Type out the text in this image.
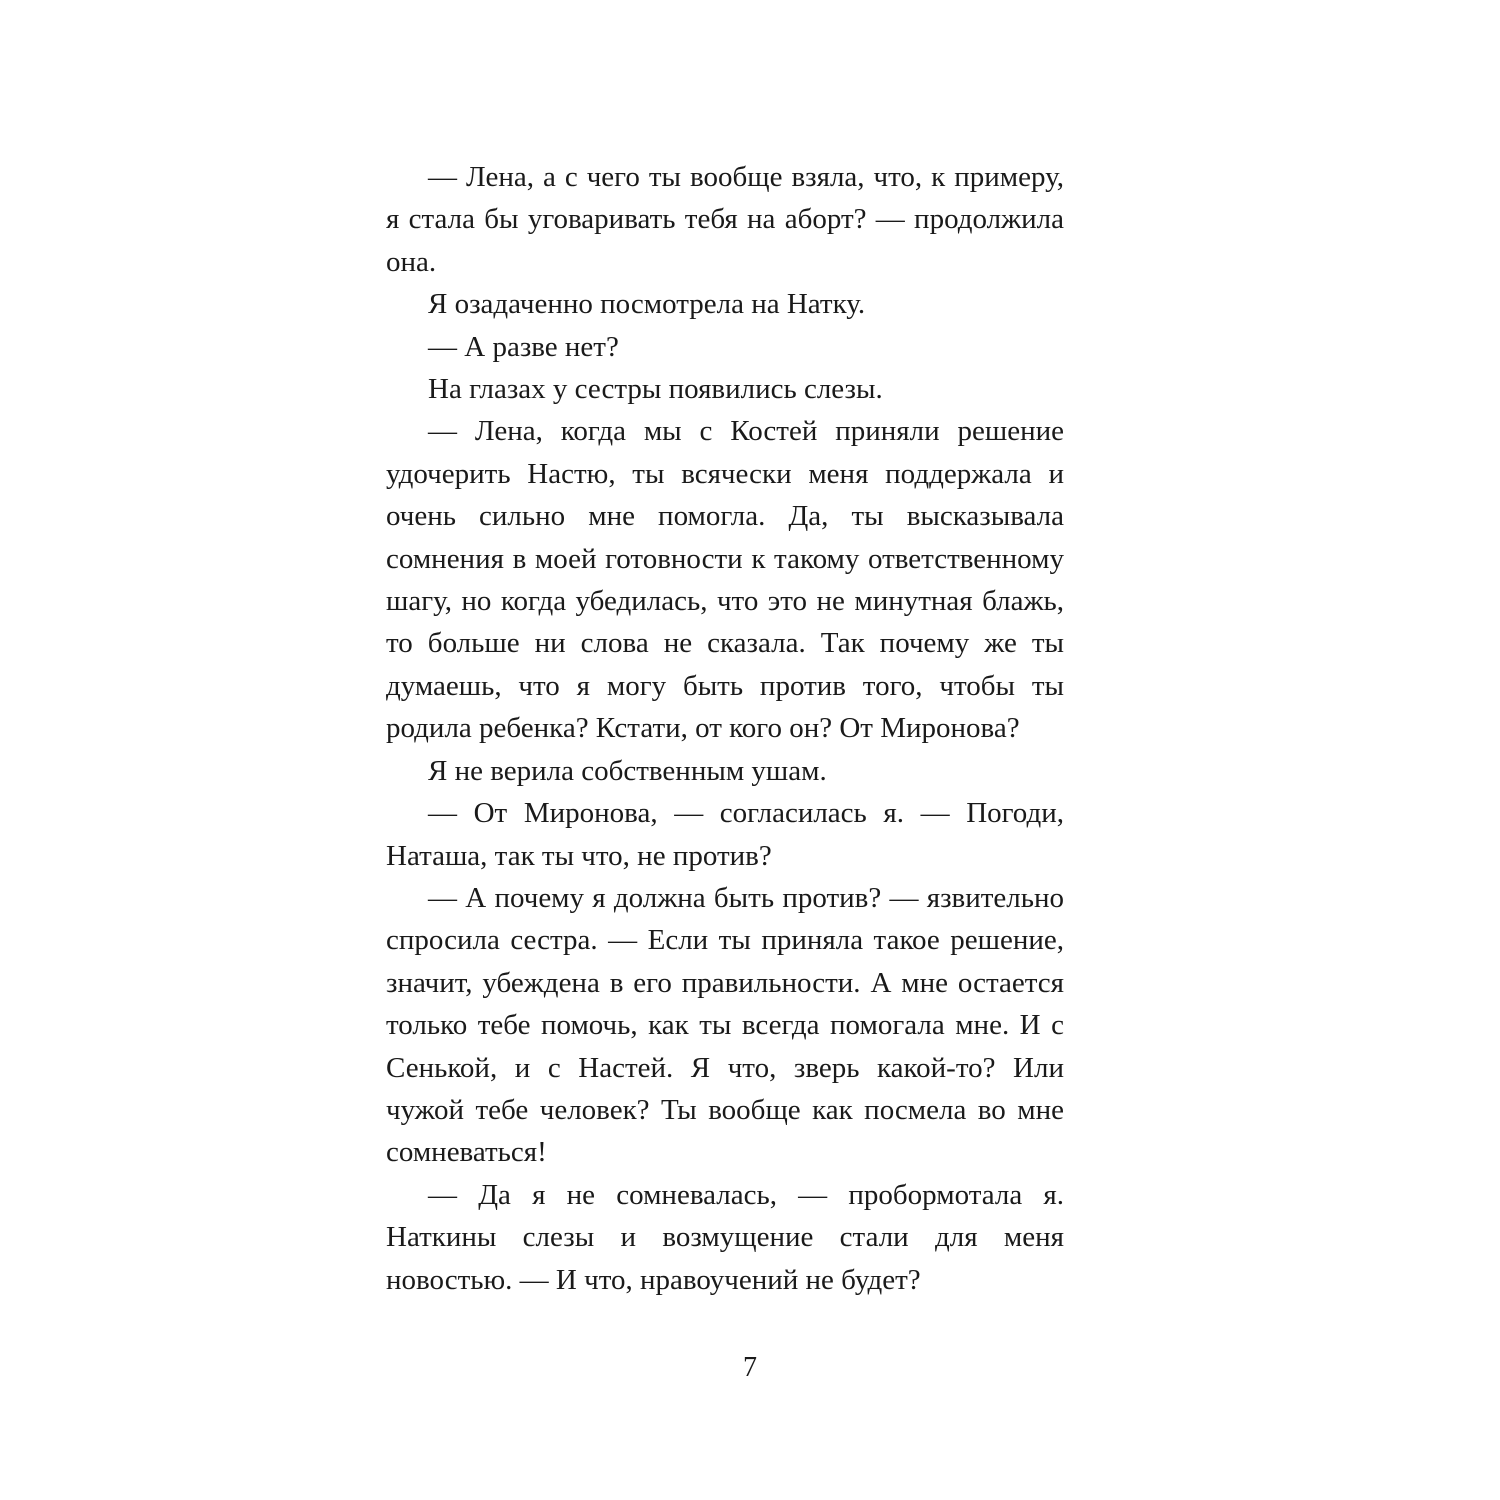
— Лена, а с чего ты вообще взяла, что, к примеру, я стала бы уговаривать тебя на аборт? — продолжила она.

Я озадаченно посмотрела на Натку.

— А разве нет?

На глазах у сестры появились слезы.

— Лена, когда мы с Костей приняли решение удочерить Настю, ты всячески меня поддержала и очень сильно мне помогла. Да, ты высказывала сомнения в моей готовности к такому ответственному шагу, но когда убедилась, что это не минутная блажь, то больше ни слова не сказала. Так почему же ты думаешь, что я могу быть против того, чтобы ты родила ребенка? Кстати, от кого он? От Миронова?

Я не верила собственным ушам.

— От Миронова, — согласилась я. — Погоди, Наташа, так ты что, не против?

— А почему я должна быть против? — язвительно спросила сестра. — Если ты приняла такое решение, значит, убеждена в его правильности. А мне остается только тебе помочь, как ты всегда помогала мне. И с Сенькой, и с Настей. Я что, зверь какой-то? Или чужой тебе человек? Ты вообще как посмела во мне сомневаться!

— Да я не сомневалась, — пробормотала я. Наткины слезы и возмущение стали для меня новостью. — И что, нравоучений не будет?

7
